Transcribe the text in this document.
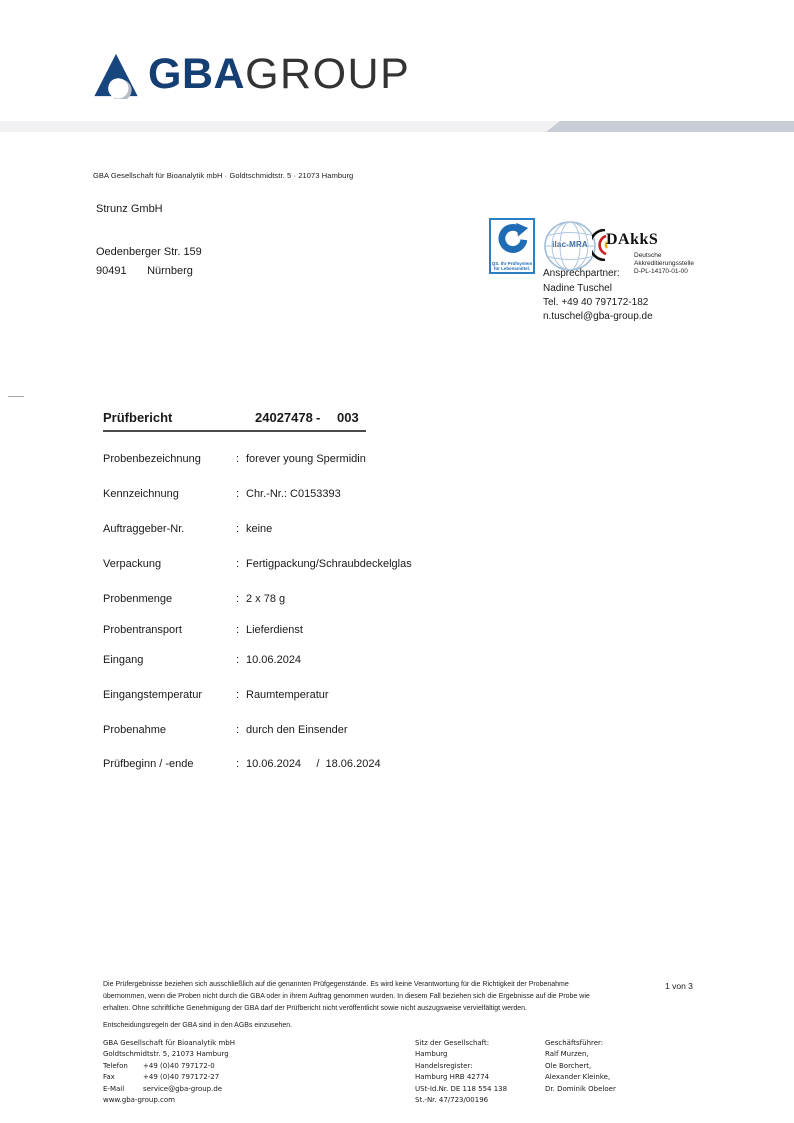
GBA GROUP
GBA Gesellschaft für Bioanalytik mbH · Goldtschmidtstr. 5 · 21073 Hamburg
Strunz GmbH
Oedenberger Str. 159
90491 Nürnberg
QS. Ihr Prüfsystem
für Lebensmittel.
ilac-MRA	DAkkS
Deutsche
Akkreditierungsstelle
D-PL-14170-01-00
Ansprechpartner:
Nadine Tuschel
Tel. +49 40 797172-182
n.tuschel@gba-group.de
Prüfbericht	24027478 - 003
Probenbezeichnung	: forever young Spermidin
Kennzeichnung	: Chr.-Nr.: C0153393
Auftraggeber-Nr.	: keine
Verpackung	: Fertigpackung/Schraubdeckelglas
Probenmenge	: 2 x 78 g
Probentransport	: Lieferdienst
Eingang	: 10.06.2024
Eingangstemperatur	: Raumtemperatur
Probenahme	: durch den Einsender
Prüfbeginn / -ende	: 10.06.2024     /  18.06.2024
Die Prüfergebnisse beziehen sich ausschließlich auf die genannten Prüfgegenstände. Es wird keine Verantwortung für die Richtigkeit der Probenahme
übernommen, wenn die Proben nicht durch die GBA oder in ihrem Auftrag genommen wurden. In diesem Fall beziehen sich die Ergebnisse auf die Probe wie
erhalten. Ohne schriftliche Genehmigung der GBA darf der Prüfbericht nicht veröffentlicht sowie nicht auszugsweise vervielfältigt werden.
Entscheidungsregeln der GBA sind in den AGBs einzusehen.
1 von 3
GBA Gesellschaft für Bioanalytik mbH
Goldtschmidtstr. 5, 21073 Hamburg
Telefon +49 (0)40 797172-0
Fax	+49 (0)40 797172-27
E-Mail	service@gba-group.de
www.gba-group.com
Sitz der Gesellschaft:
Hamburg
Handelsregister:
Hamburg HRB 42774
USt-Id.Nr. DE 118 554 138
St.-Nr. 47/723/00196
Geschäftsführer:
Ralf Murzen,
Ole Borchert,
Alexander Kleinke,
Dr. Dominik Obeloer
